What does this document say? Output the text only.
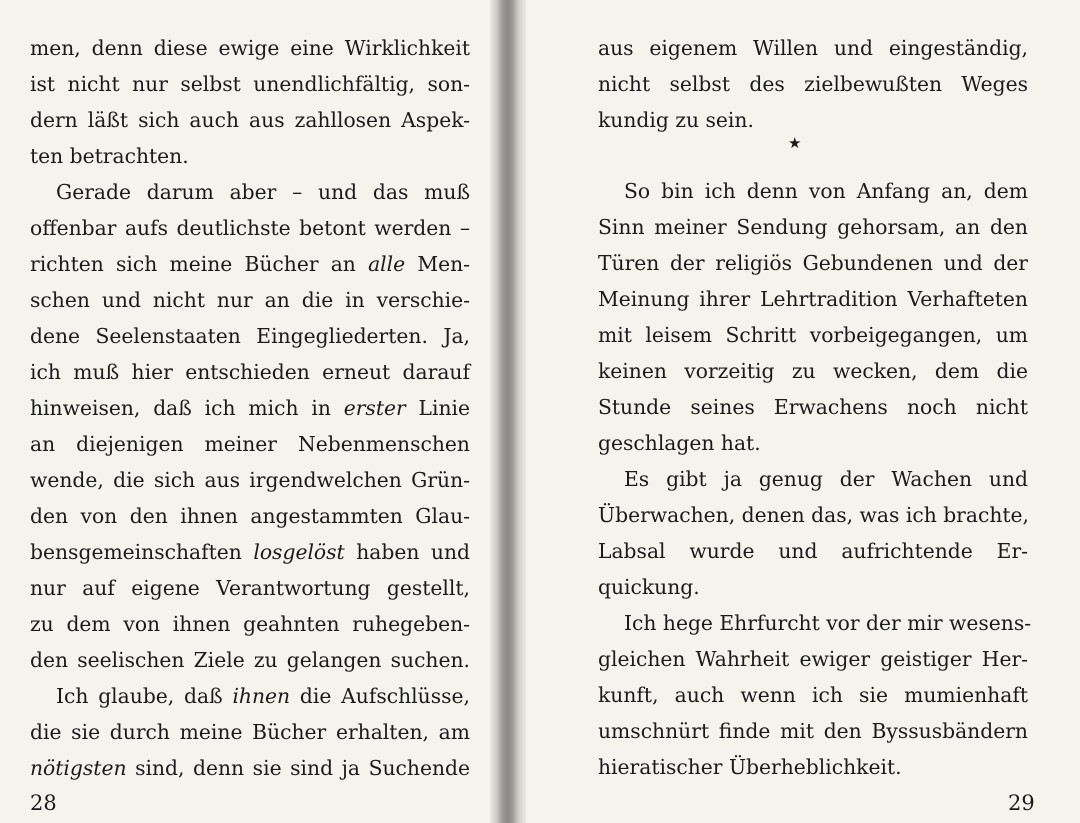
men, denn diese ewige eine Wirklichkeit

ist nicht nur selbst unendlichfältig, son-

dern läßt sich auch aus zahllosen Aspek-

ten betrachten.

Gerade darum aber – und das muß

offenbar aufs deutlichste betont werden –

richten sich meine Bücher an alle Men-

schen und nicht nur an die in verschie-

dene Seelenstaaten Eingegliederten. Ja,

ich muß hier entschieden erneut darauf

hinweisen, daß ich mich in erster Linie

an diejenigen meiner Nebenmenschen

wende, die sich aus irgendwelchen Grün-

den von den ihnen angestammten Glau-

bensgemeinschaften losgelöst haben und

nur auf eigene Verantwortung gestellt,

zu dem von ihnen geahnten ruhegeben-

den seelischen Ziele zu gelangen suchen.

Ich glaube, daß ihnen die Aufschlüsse,

die sie durch meine Bücher erhalten, am

nötigsten sind, denn sie sind ja Suchende

aus eigenem Willen und eingeständig,

nicht selbst des zielbewußten Weges

kundig zu sein.

So bin ich denn von Anfang an, dem

Sinn meiner Sendung gehorsam, an den

Türen der religiös Gebundenen und der

Meinung ihrer Lehrtradition Verhafteten

mit leisem Schritt vorbeigegangen, um

keinen vorzeitig zu wecken, dem die

Stunde seines Erwachens noch nicht

geschlagen hat.

Es gibt ja genug der Wachen und

Überwachen, denen das, was ich brachte,

Labsal wurde und aufrichtende Er-

quickung.

Ich hege Ehrfurcht vor der mir wesens-

gleichen Wahrheit ewiger geistiger Her-

kunft, auch wenn ich sie mumienhaft

umschnürt finde mit den Byssusbändern

hieratischer Überheblichkeit.

★
28	29
